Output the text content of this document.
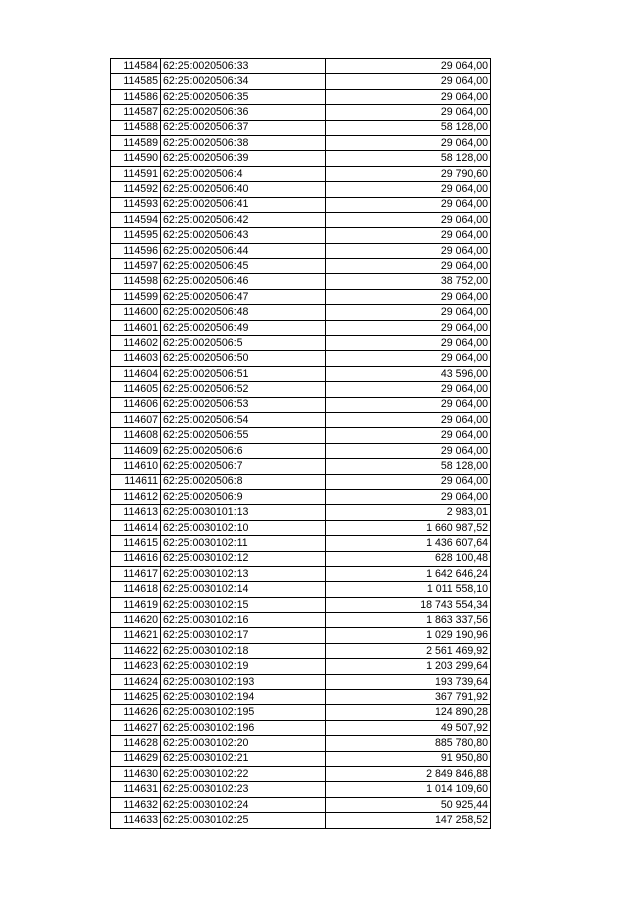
114584	62:25:0020506:33	29 064,00
114585	62:25:0020506:34	29 064,00
114586	62:25:0020506:35	29 064,00
114587	62:25:0020506:36	29 064,00
114588	62:25:0020506:37	58 128,00
114589	62:25:0020506:38	29 064,00
114590	62:25:0020506:39	58 128,00
114591	62:25:0020506:4	29 790,60
114592	62:25:0020506:40	29 064,00
114593	62:25:0020506:41	29 064,00
114594	62:25:0020506:42	29 064,00
114595	62:25:0020506:43	29 064,00
114596	62:25:0020506:44	29 064,00
114597	62:25:0020506:45	29 064,00
114598	62:25:0020506:46	38 752,00
114599	62:25:0020506:47	29 064,00
114600	62:25:0020506:48	29 064,00
114601	62:25:0020506:49	29 064,00
114602	62:25:0020506:5	29 064,00
114603	62:25:0020506:50	29 064,00
114604	62:25:0020506:51	43 596,00
114605	62:25:0020506:52	29 064,00
114606	62:25:0020506:53	29 064,00
114607	62:25:0020506:54	29 064,00
114608	62:25:0020506:55	29 064,00
114609	62:25:0020506:6	29 064,00
114610	62:25:0020506:7	58 128,00
114611	62:25:0020506:8	29 064,00
114612	62:25:0020506:9	29 064,00
114613	62:25:0030101:13	2 983,01
114614	62:25:0030102:10	1 660 987,52
114615	62:25:0030102:11	1 436 607,64
114616	62:25:0030102:12	628 100,48
114617	62:25:0030102:13	1 642 646,24
114618	62:25:0030102:14	1 011 558,10
114619	62:25:0030102:15	18 743 554,34
114620	62:25:0030102:16	1 863 337,56
114621	62:25:0030102:17	1 029 190,96
114622	62:25:0030102:18	2 561 469,92
114623	62:25:0030102:19	1 203 299,64
114624	62:25:0030102:193	193 739,64
114625	62:25:0030102:194	367 791,92
114626	62:25:0030102:195	124 890,28
114627	62:25:0030102:196	49 507,92
114628	62:25:0030102:20	885 780,80
114629	62:25:0030102:21	91 950,80
114630	62:25:0030102:22	2 849 846,88
114631	62:25:0030102:23	1 014 109,60
114632	62:25:0030102:24	50 925,44
114633	62:25:0030102:25	147 258,52
